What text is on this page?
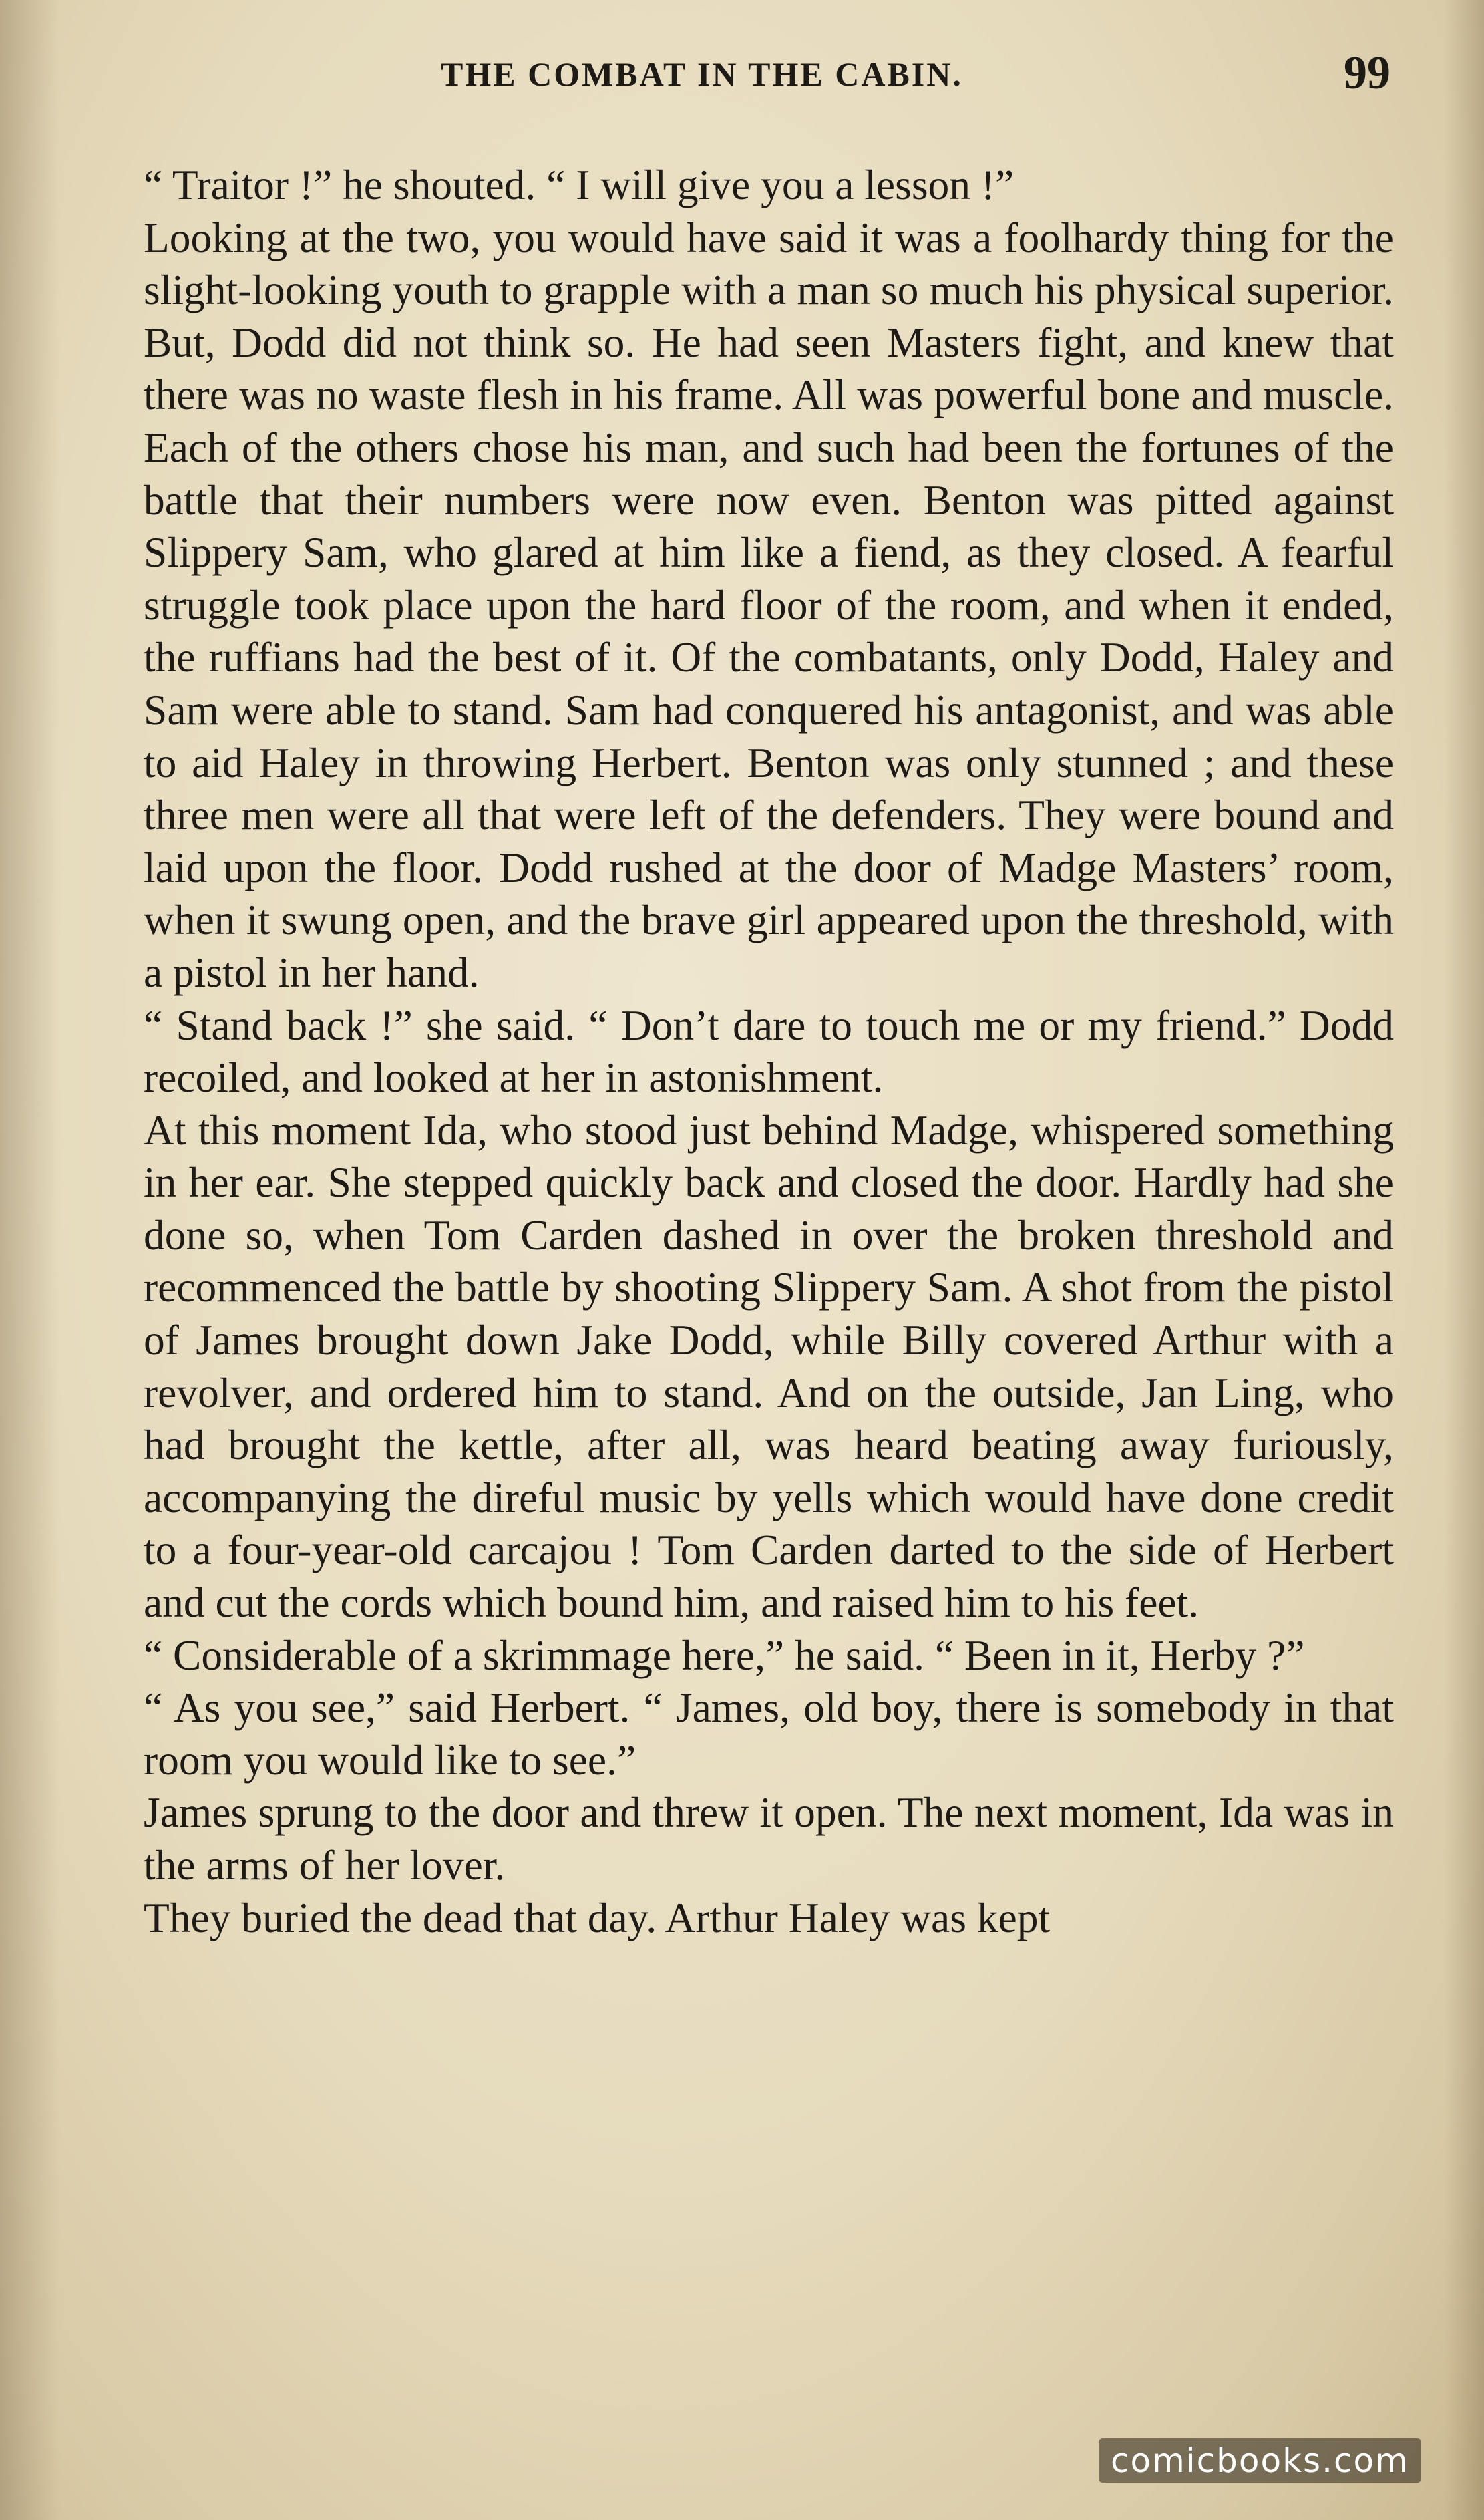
THE COMBAT IN THE CABIN.	99

“ Traitor !” he shouted. “ I will give you a lesson !”

Looking at the two, you would have said it was a foolhardy thing for the slight-looking youth to grapple with a man so much his physical superior. But, Dodd did not think so. He had seen Masters fight, and knew that there was no waste flesh in his frame. All was powerful bone and muscle. Each of the others chose his man, and such had been the fortunes of the battle that their numbers were now even. Benton was pitted against Slippery Sam, who glared at him like a fiend, as they closed. A fearful struggle took place upon the hard floor of the room, and when it ended, the ruffians had the best of it. Of the combatants, only Dodd, Haley and Sam were able to stand. Sam had conquered his antagonist, and was able to aid Haley in throwing Herbert. Benton was only stunned ; and these three men were all that were left of the defenders. They were bound and laid upon the floor. Dodd rushed at the door of Madge Masters’ room, when it swung open, and the brave girl appeared upon the threshold, with a pistol in her hand.

“ Stand back !” she said. “ Don’t dare to touch me or my friend.” Dodd recoiled, and looked at her in astonishment.

At this moment Ida, who stood just behind Madge, whispered something in her ear. She stepped quickly back and closed the door. Hardly had she done so, when Tom Carden dashed in over the broken threshold and recommenced the battle by shooting Slippery Sam. A shot from the pistol of James brought down Jake Dodd, while Billy covered Arthur with a revolver, and ordered him to stand. And on the outside, Jan Ling, who had brought the kettle, after all, was heard beating away furiously, accompanying the direful music by yells which would have done credit to a four-year-old carcajou ! Tom Carden darted to the side of Herbert and cut the cords which bound him, and raised him to his feet.

“ Considerable of a skrimmage here,” he said. “ Been in it, Herby ?”

“ As you see,” said Herbert. “ James, old boy, there is somebody in that room you would like to see.”

James sprung to the door and threw it open. The next moment, Ida was in the arms of her lover.

They buried the dead that day. Arthur Haley was kept

comicbooks.com
